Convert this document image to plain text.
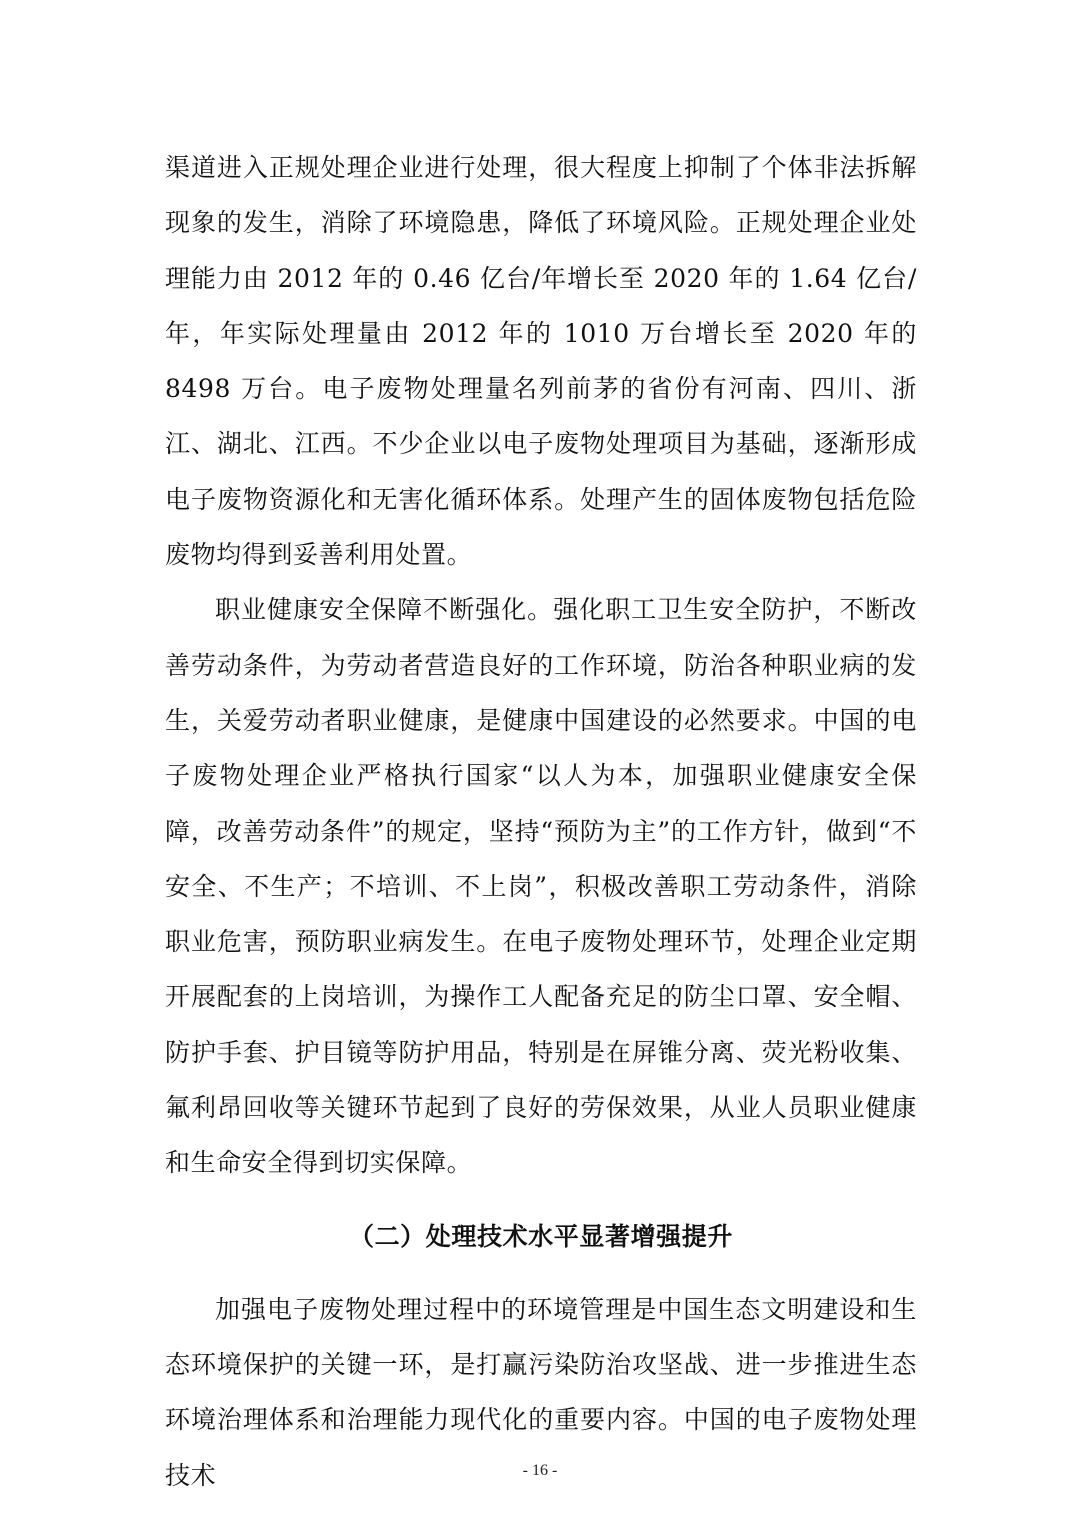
渠道进入正规处理企业进行处理，很大程度上抑制了个体非法拆解现象的发生，消除了环境隐患，降低了环境风险。正规处理企业处理能力由 2012 年的 0.46 亿台/年增长至 2020 年的 1.64 亿台/年，年实际处理量由 2012 年的 1010 万台增长至 2020 年的 8498 万台。电子废物处理量名列前茅的省份有河南、四川、浙江、湖北、江西。不少企业以电子废物处理项目为基础，逐渐形成电子废物资源化和无害化循环体系。处理产生的固体废物包括危险废物均得到妥善利用处置。

职业健康安全保障不断强化。强化职工卫生安全防护，不断改善劳动条件，为劳动者营造良好的工作环境，防治各种职业病的发生，关爱劳动者职业健康，是健康中国建设的必然要求。中国的电子废物处理企业严格执行国家“以人为本，加强职业健康安全保障，改善劳动条件”的规定，坚持“预防为主”的工作方针，做到“不安全、不生产；不培训、不上岗”，积极改善职工劳动条件，消除职业危害，预防职业病发生。在电子废物处理环节，处理企业定期开展配套的上岗培训，为操作工人配备充足的防尘口罩、安全帽、防护手套、护目镜等防护用品，特别是在屏锥分离、荧光粉收集、氟利昂回收等关键环节起到了良好的劳保效果，从业人员职业健康和生命安全得到切实保障。

（二）处理技术水平显著增强提升

加强电子废物处理过程中的环境管理是中国生态文明建设和生态环境保护的关键一环，是打赢污染防治攻坚战、进一步推进生态环境治理体系和治理能力现代化的重要内容。中国的电子废物处理技术	- 16 -
